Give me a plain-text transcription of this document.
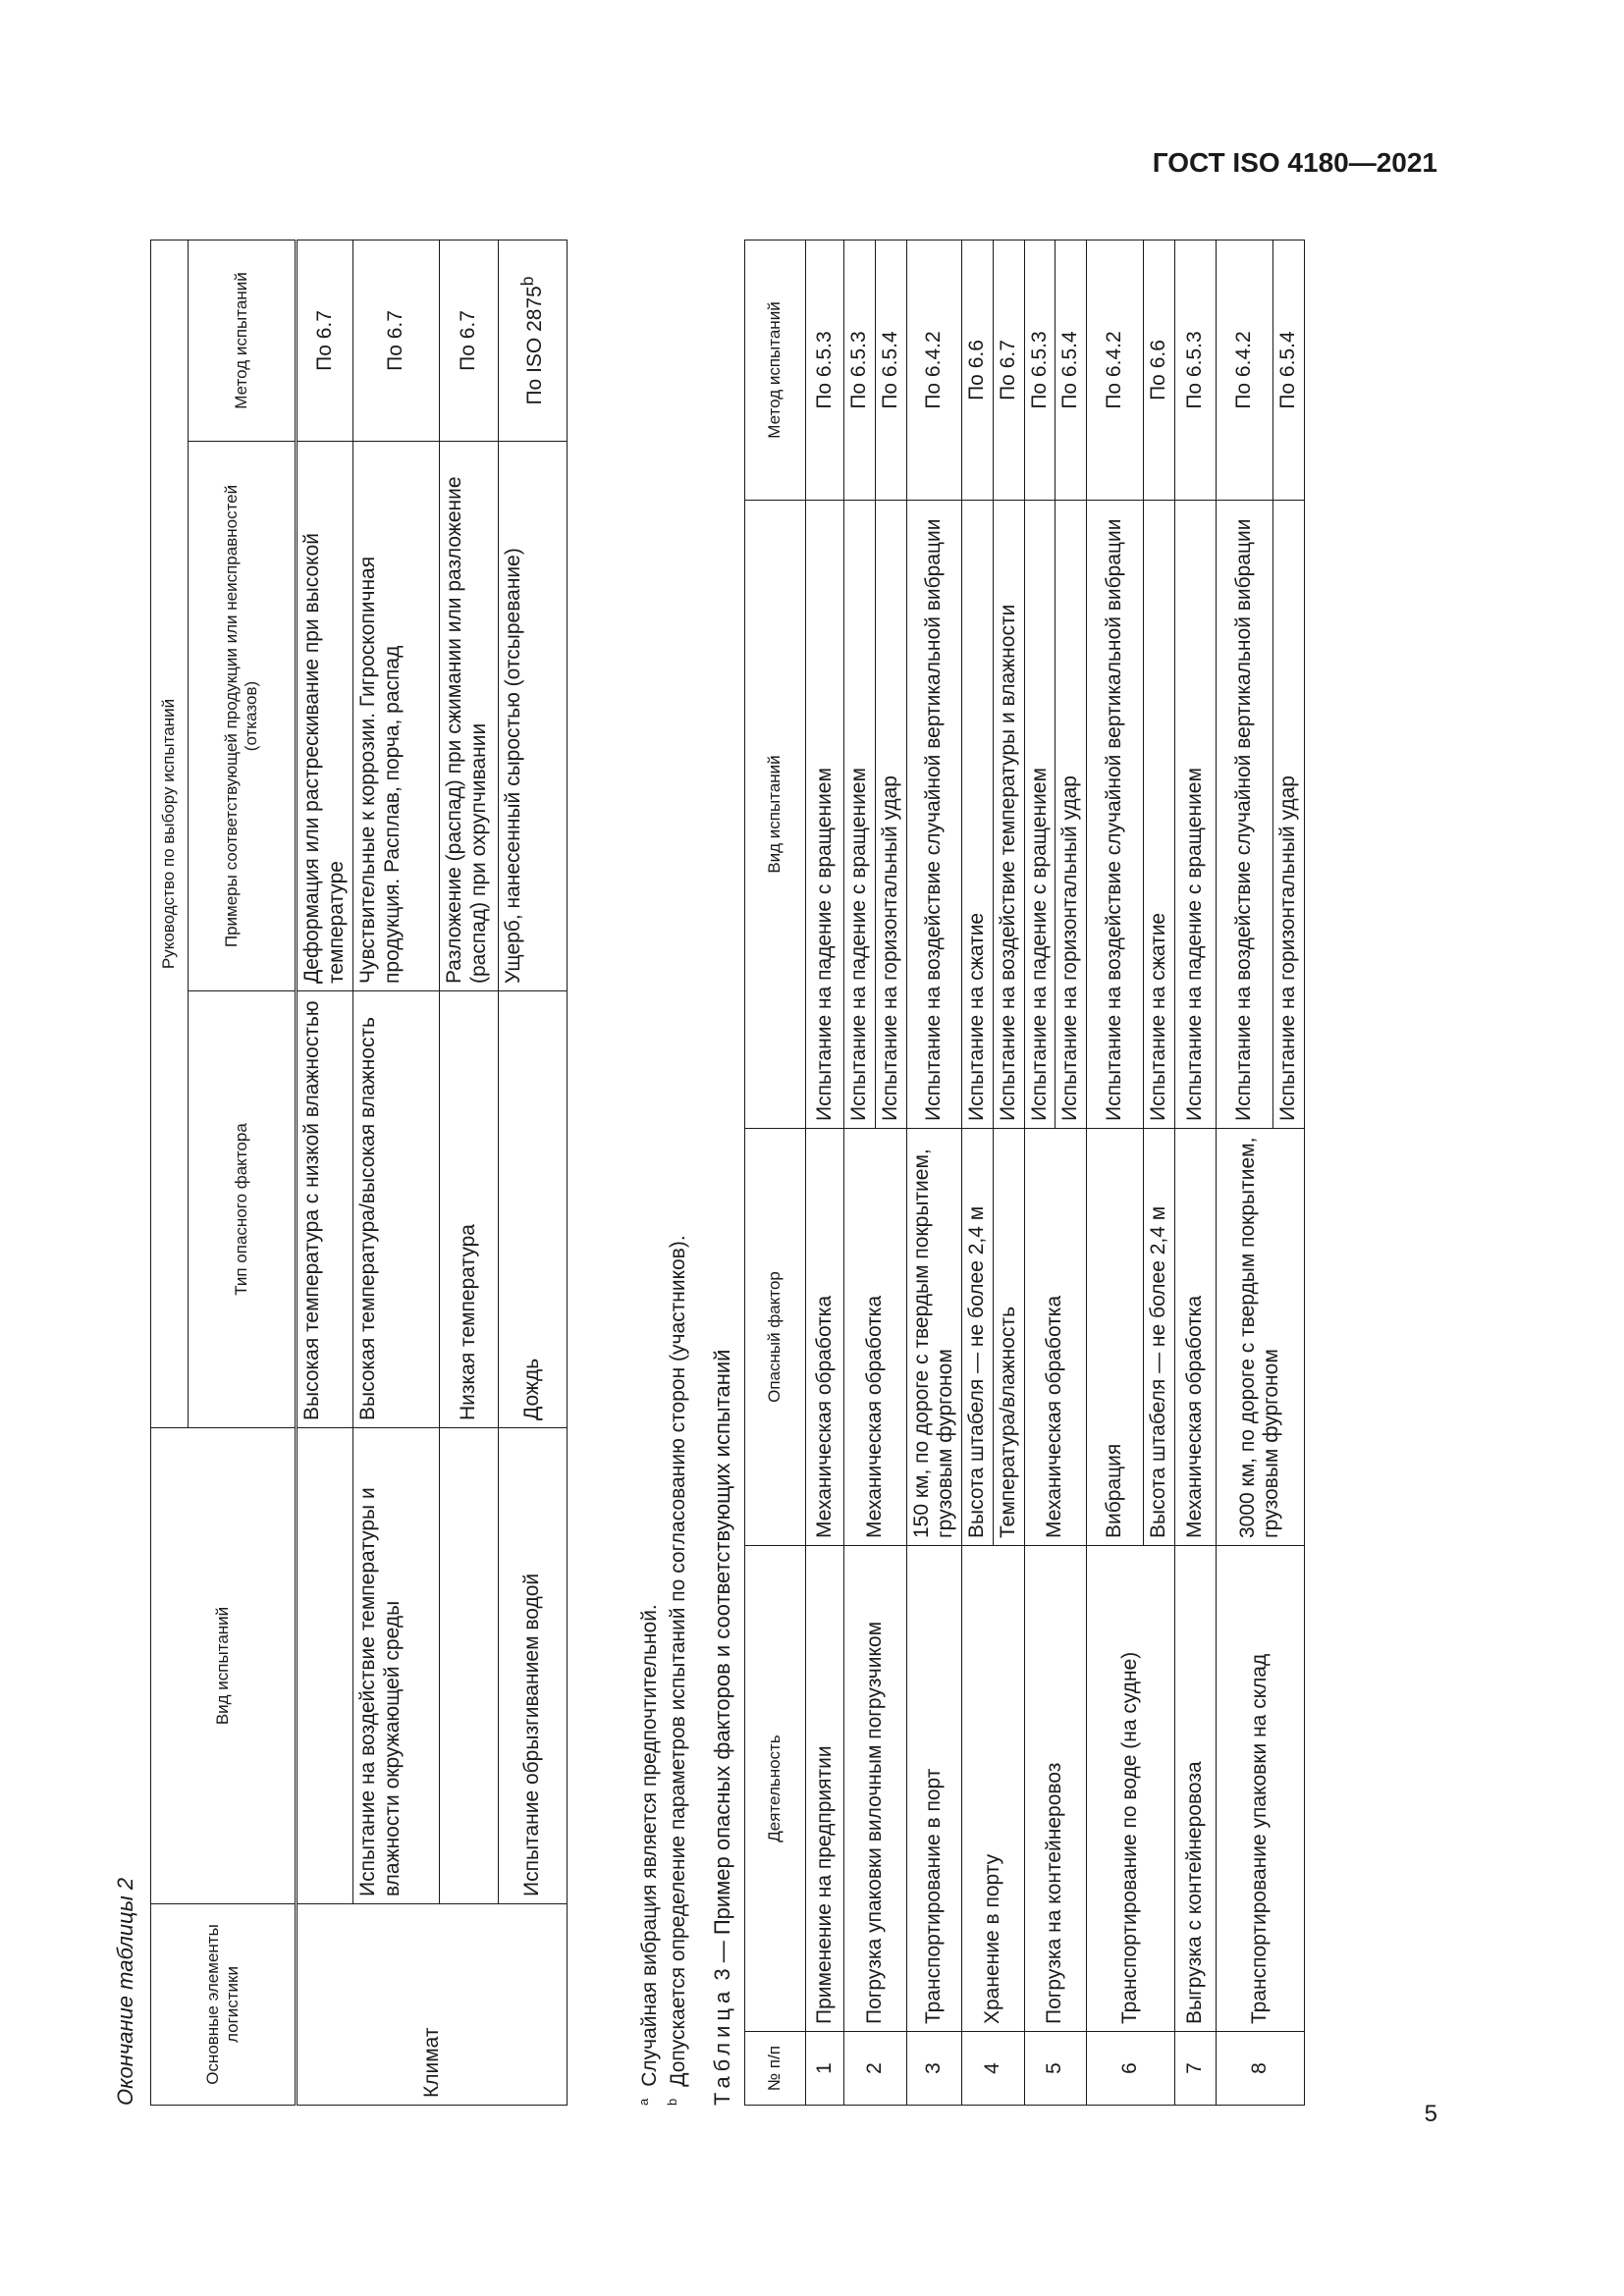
ГОСТ ISO 4180—2021
Окончание таблицы 2	Основные элементы логистики	Вид испытаний	Руководство по выбору испытаний		
		Тип опасного фактора	Примеры соответствующей продукции или неисправностей (отказов)	Метод испытаний
Климат		Высокая температура с низкой влажностью	Деформация или растрескивание при высокой температуре	По 6.7
	Испытание на воздействие температуры и влажности окружающей среды	Высокая температура/высокая влажность	Чувствительные к коррозии. Гигроскопичная продукция. Расплав, порча, распад	По 6.7
		Низкая температура	Разложение (распад) при сжимании или разложение (распад) при охрупчивании	По 6.7
	Испытание обрызгиванием водой	Дождь	Ущерб, нанесенный сыростью (отсыревание)	По ISO 2875$^b$
$^a$Случайная вибрация является предпочтительной.
$^b$Допускается определение параметров испытаний по согласованию сторон (участников). Таблица 3 — Пример опасных факторов и соответствующих испытаний
№ п/п	Деятельность	Опасный фактор	Вид испытаний	Метод испытаний
1	Применение на предприятии	Механическая обработка	Испытание на падение с вращением	По 6.5.3
2	Погрузка упаковки вилочным погрузчиком	Механическая обработка	Испытание на падение с вращением	По 6.5.3
			Испытание на горизонтальный удар	По 6.5.4
3	Транспортирование в порт	150 км, по дороге с твердым покрытием, грузовым фургоном	Испытание на воздействие случайной вертикальной вибрации	По 6.4.2
4	Хранение в порту	Высота штабеля — не более 2,4 м	Испытание на сжатие	По 6.6
		Температура/влажность	Испытание на воздействие температуры и влажности	По 6.7
5	Погрузка на контейнеровоз	Механическая обработка	Испытание на падение с вращением	По 6.5.3
			Испытание на горизонтальный удар	По 6.5.4
6	Транспортирование по воде (на судне)	Вибрация	Испытание на воздействие случайной вертикальной вибрации	По 6.4.2
		Высота штабеля — не более 2,4 м	Испытание на сжатие	По 6.6
7	Выгрузка с контейнеровоза	Механическая обработка	Испытание на падение с вращением	По 6.5.3
8	Транспортирование упаковки на склад	3000 км, по дороге с твердым покрытием, грузовым фургоном	Испытание на воздействие случайной вертикальной вибрации	По 6.4.2
			Испытание на горизонтальный удар	По 6.5.4
5
